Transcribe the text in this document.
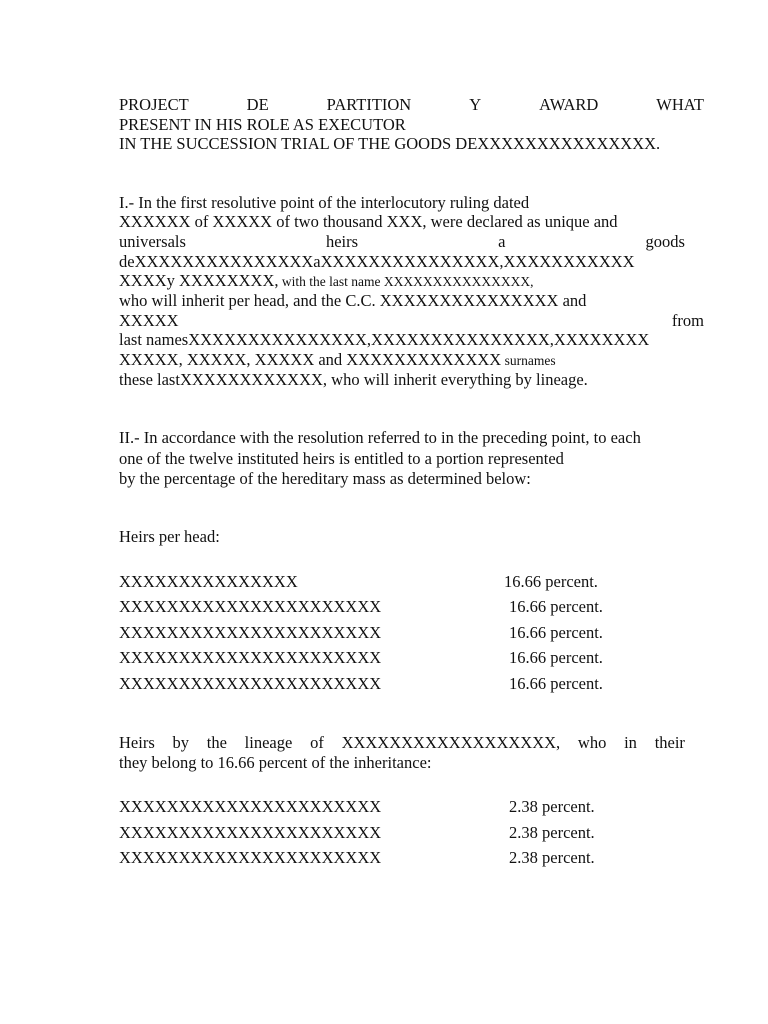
PROJECT	DE	PARTITION	Y	AWARD	WHAT
PRESENT IN HIS ROLE AS EXECUTOR
IN THE SUCCESSION TRIAL OF THE GOODS DEXXXXXXXXXXXXXXX.
I.- In the first resolutive point of the interlocutory ruling dated
XXXXXX of XXXXX of two thousand XXX, were declared as unique and
universals	heirs	a	goods
deXXXXXXXXXXXXXXXaXXXXXXXXXXXXXXX,XXXXXXXXXXX
XXXXy XXXXXXXX, with the last name XXXXXXXXXXXXXXX,
who will inherit per head, and the C.C. XXXXXXXXXXXXXXX and
XXXXX	from
last namesXXXXXXXXXXXXXXX,XXXXXXXXXXXXXXX,XXXXXXXX
XXXXX, XXXXX, XXXXX and XXXXXXXXXXXXX surnames
these lastXXXXXXXXXXXX, who will inherit everything by lineage.
II.- In accordance with the resolution referred to in the preceding point, to each
one of the twelve instituted heirs is entitled to a portion represented
by the percentage of the hereditary mass as determined below:
Heirs per head:
XXXXXXXXXXXXXXX	16.66 percent.
XXXXXXXXXXXXXXXXXXXXXX	16.66 percent.
XXXXXXXXXXXXXXXXXXXXXX	16.66 percent.
XXXXXXXXXXXXXXXXXXXXXX	16.66 percent.
XXXXXXXXXXXXXXXXXXXXXX	16.66 percent.
Heirs by the lineage of XXXXXXXXXXXXXXXXXX, who in their
they belong to 16.66 percent of the inheritance:
XXXXXXXXXXXXXXXXXXXXXX	2.38 percent.
XXXXXXXXXXXXXXXXXXXXXX	2.38 percent.
XXXXXXXXXXXXXXXXXXXXXX	2.38 percent.
